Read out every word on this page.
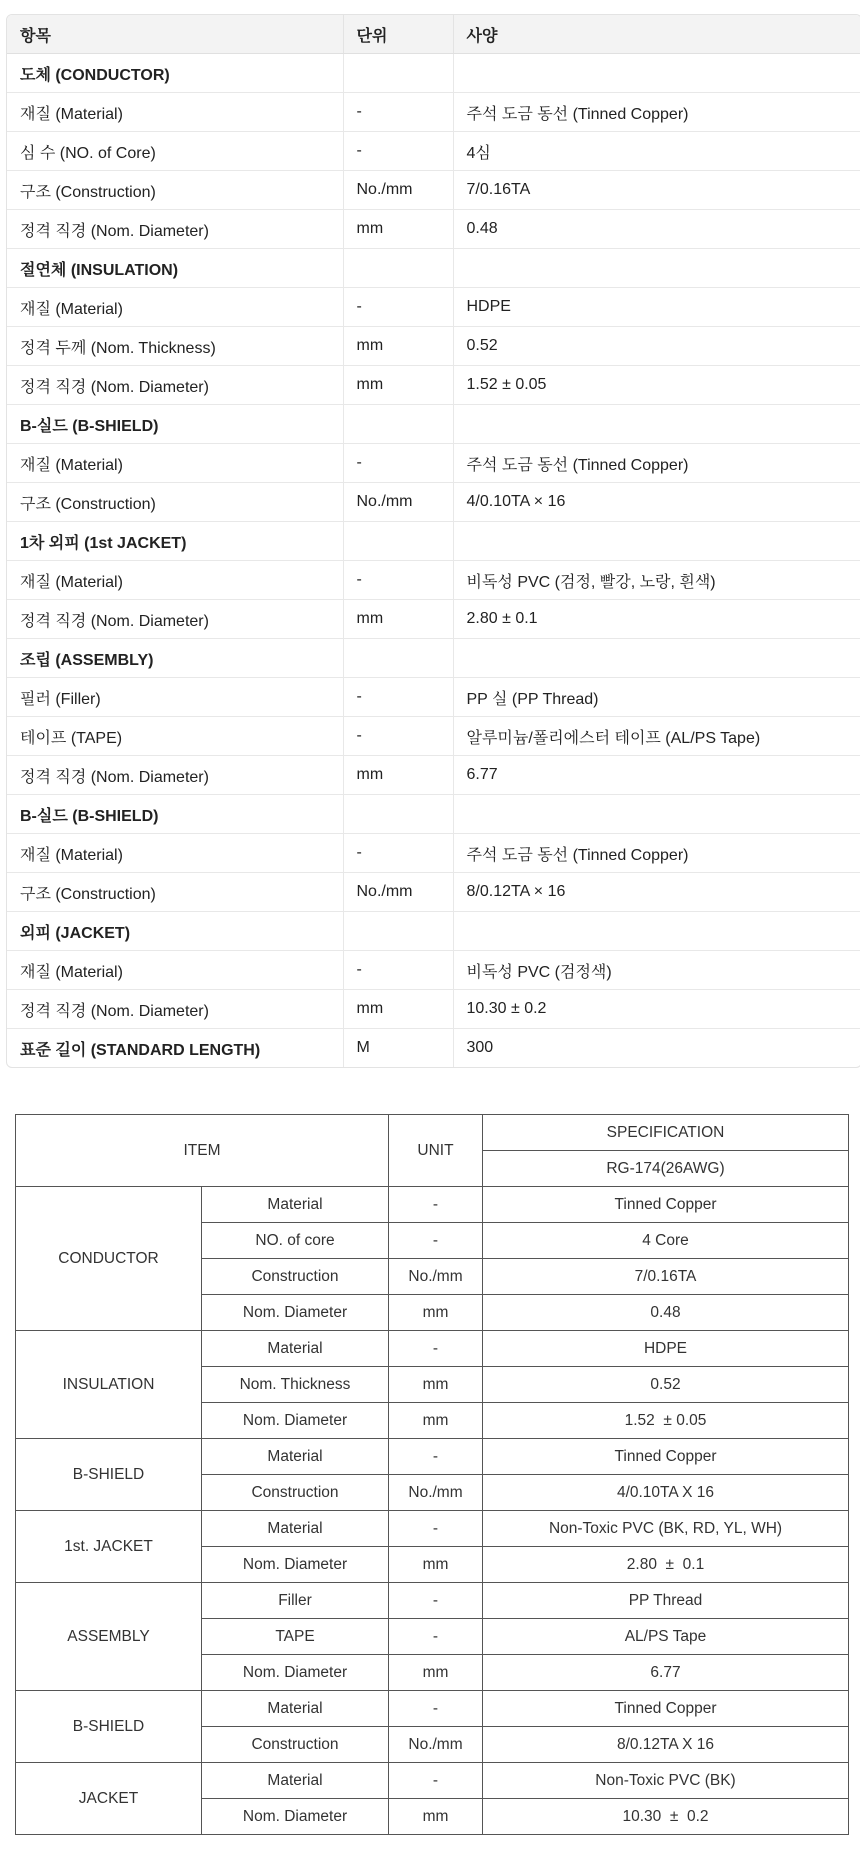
항목	단위	사양
도체 (CONDUCTOR)		
재질 (Material)	-	주석 도금 동선 (Tinned Copper)
심 수 (NO. of Core)	-	4심
구조 (Construction)	No./mm	7/0.16TA
정격 직경 (Nom. Diameter)	mm	0.48
절연체 (INSULATION)		
재질 (Material)	-	HDPE
정격 두께 (Nom. Thickness)	mm	0.52
정격 직경 (Nom. Diameter)	mm	1.52 ± 0.05
B-실드 (B-SHIELD)		
재질 (Material)	-	주석 도금 동선 (Tinned Copper)
구조 (Construction)	No./mm	4/0.10TA × 16
1차 외피 (1st JACKET)		
재질 (Material)	-	비독성 PVC (검정, 빨강, 노랑, 흰색)
정격 직경 (Nom. Diameter)	mm	2.80 ± 0.1
조립 (ASSEMBLY)		
필러 (Filler)	-	PP 실 (PP Thread)
테이프 (TAPE)	-	알루미늄/폴리에스터 테이프 (AL/PS Tape)
정격 직경 (Nom. Diameter)	mm	6.77
B-실드 (B-SHIELD)		
재질 (Material)	-	주석 도금 동선 (Tinned Copper)
구조 (Construction)	No./mm	8/0.12TA × 16
외피 (JACKET)		
재질 (Material)	-	비독성 PVC (검정색)
정격 직경 (Nom. Diameter)	mm	10.30 ± 0.2
표준 길이 (STANDARD LENGTH)	M	300
ITEM		UNIT	SPECIFICATION
			RG-174(26AWG)
CONDUCTOR	Material	-	Tinned Copper
	NO. of core	-	4 Core
	Construction	No./mm	7/0.16TA
	Nom. Diameter	mm	0.48
INSULATION	Material	-	HDPE
	Nom. Thickness	mm	0.52
	Nom. Diameter	mm	1.52  ± 0.05
B-SHIELD	Material	-	Tinned Copper
	Construction	No./mm	4/0.10TA X 16
1st. JACKET	Material	-	Non-Toxic PVC (BK, RD, YL, WH)
	Nom. Diameter	mm	2.80  ±  0.1
ASSEMBLY	Filler	-	PP Thread
	TAPE	-	AL/PS Tape
	Nom. Diameter	mm	6.77
B-SHIELD	Material	-	Tinned Copper
	Construction	No./mm	8/0.12TA X 16
JACKET	Material	-	Non-Toxic PVC (BK)
	Nom. Diameter	mm	10.30  ±  0.2
